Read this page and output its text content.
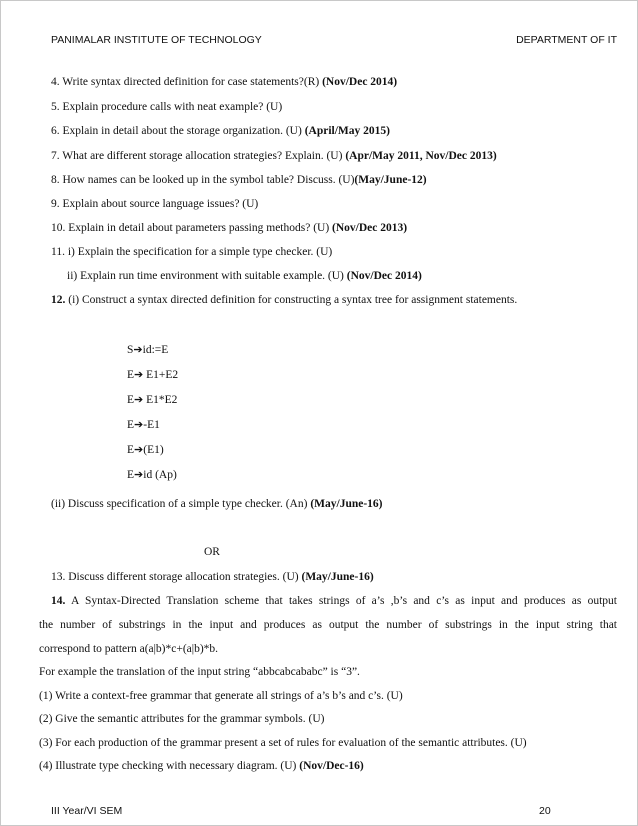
PANIMALAR INSTITUTE OF TECHNOLOGY	DEPARTMENT OF IT
4. Write syntax directed definition for case statements?(R) (Nov/Dec 2014)
5. Explain procedure calls with neat example? (U)
6. Explain in detail about the storage organization. (U) (April/May 2015)
7. What are different storage allocation strategies? Explain. (U) (Apr/May 2011, Nov/Dec 2013)
8. How names can be looked up in the symbol table? Discuss. (U)(May/June-12)
9. Explain about source language issues? (U)
10. Explain in detail about parameters passing methods? (U) (Nov/Dec 2013)
11. i) Explain the specification for a simple type checker. (U)
ii) Explain run time environment with suitable example. (U) (Nov/Dec 2014)
12. (i) Construct a syntax directed definition for constructing a syntax tree for assignment statements.
S➔id:=E
E➔ E1+E2
E➔ E1*E2
E➔-E1
E➔(E1)
E➔id (Ap)
(ii) Discuss specification of a simple type checker. (An) (May/June-16)
OR
13. Discuss different storage allocation strategies. (U) (May/June-16)
14. A Syntax-Directed Translation scheme that takes strings of a’s ,b’s and c’s as input and produces as output
the number of substrings in the input and produces as output the number of substrings in the input string that
correspond to pattern a(a|b)*c+(a|b)*b.
For example the translation of the input string “abbcabcababc” is “3”.
(1) Write a context-free grammar that generate all strings of a’s b’s and c’s. (U)
(2) Give the semantic attributes for the grammar symbols. (U)
(3) For each production of the grammar present a set of rules for evaluation of the semantic attributes. (U)
(4) Illustrate type checking with necessary diagram. (U) (Nov/Dec-16)
III Year/VI SEM	20
